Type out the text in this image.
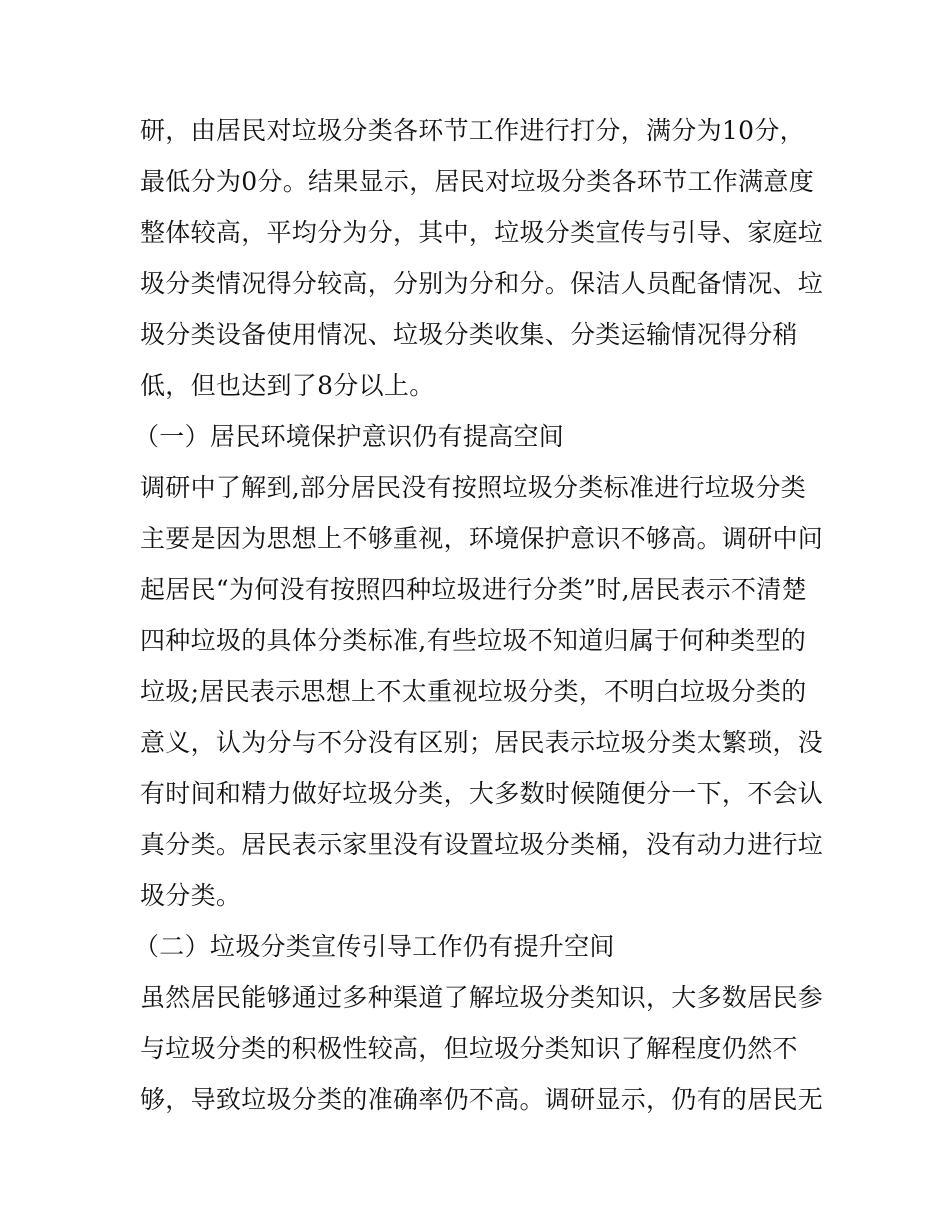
研，由居民对垃圾分类各环节工作进行打分，满分为10分，
最低分为0分。结果显示，居民对垃圾分类各环节工作满意度
整体较高，平均分为分，其中，垃圾分类宣传与引导、家庭垃
圾分类情况得分较高，分别为分和分。保洁人员配备情况、垃
圾分类设备使用情况、垃圾分类收集、分类运输情况得分稍
低，但也达到了8分以上。
（一）居民环境保护意识仍有提高空间
调研中了解到,部分居民没有按照垃圾分类标准进行垃圾分类
主要是因为思想上不够重视，环境保护意识不够高。调研中问
起居民“为何没有按照四种垃圾进行分类”时,居民表示不清楚
四种垃圾的具体分类标准,有些垃圾不知道归属于何种类型的
垃圾;居民表示思想上不太重视垃圾分类，不明白垃圾分类的
意义，认为分与不分没有区别；居民表示垃圾分类太繁琐，没
有时间和精力做好垃圾分类，大多数时候随便分一下，不会认
真分类。居民表示家里没有设置垃圾分类桶，没有动力进行垃
圾分类。
（二）垃圾分类宣传引导工作仍有提升空间
虽然居民能够通过多种渠道了解垃圾分类知识，大多数居民参
与垃圾分类的积极性较高，但垃圾分类知识了解程度仍然不
够，导致垃圾分类的准确率仍不高。调研显示，仍有的居民无
